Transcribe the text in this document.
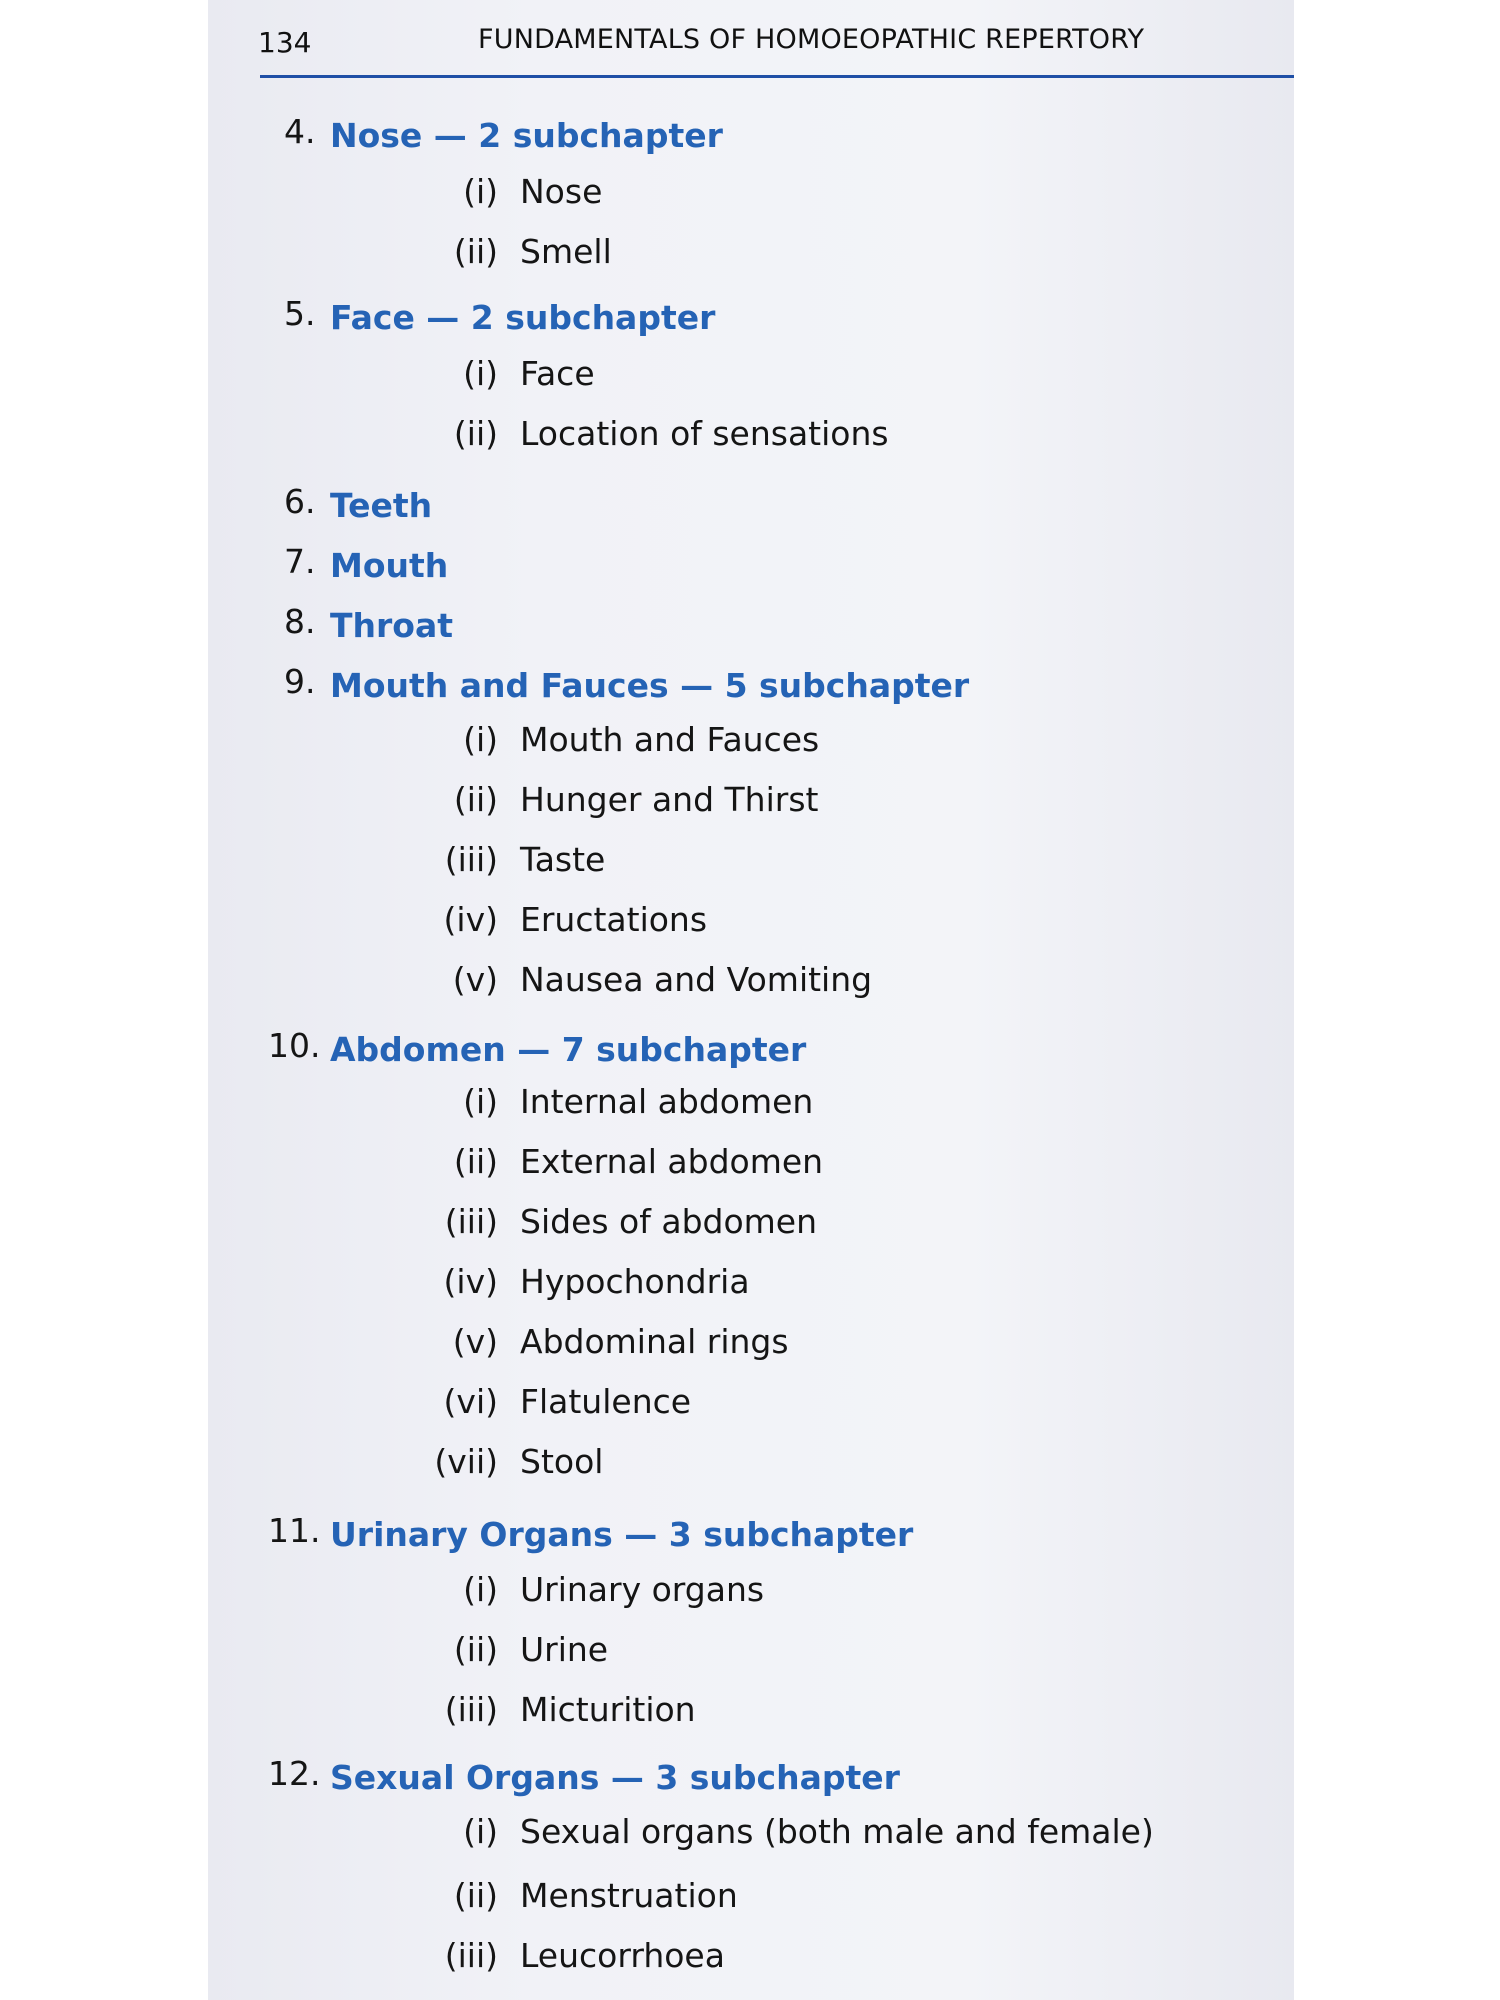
134	FUNDAMENTALS OF HOMOEOPATHIC REPERTORY
4. Nose — 2 subchapter
(i) Nose
(ii) Smell
5. Face — 2 subchapter
(i) Face
(ii) Location of sensations
6. Teeth
7. Mouth
8. Throat
9. Mouth and Fauces — 5 subchapter
(i) Mouth and Fauces
(ii) Hunger and Thirst
(iii) Taste
(iv) Eructations
(v) Nausea and Vomiting
10. Abdomen — 7 subchapter
(i) Internal abdomen
(ii) External abdomen
(iii) Sides of abdomen
(iv) Hypochondria
(v) Abdominal rings
(vi) Flatulence
(vii) Stool
11. Urinary Organs — 3 subchapter
(i) Urinary organs
(ii) Urine
(iii) Micturition
12. Sexual Organs — 3 subchapter
(i) Sexual organs (both male and female)
(ii) Menstruation
(iii) Leucorrhoea
